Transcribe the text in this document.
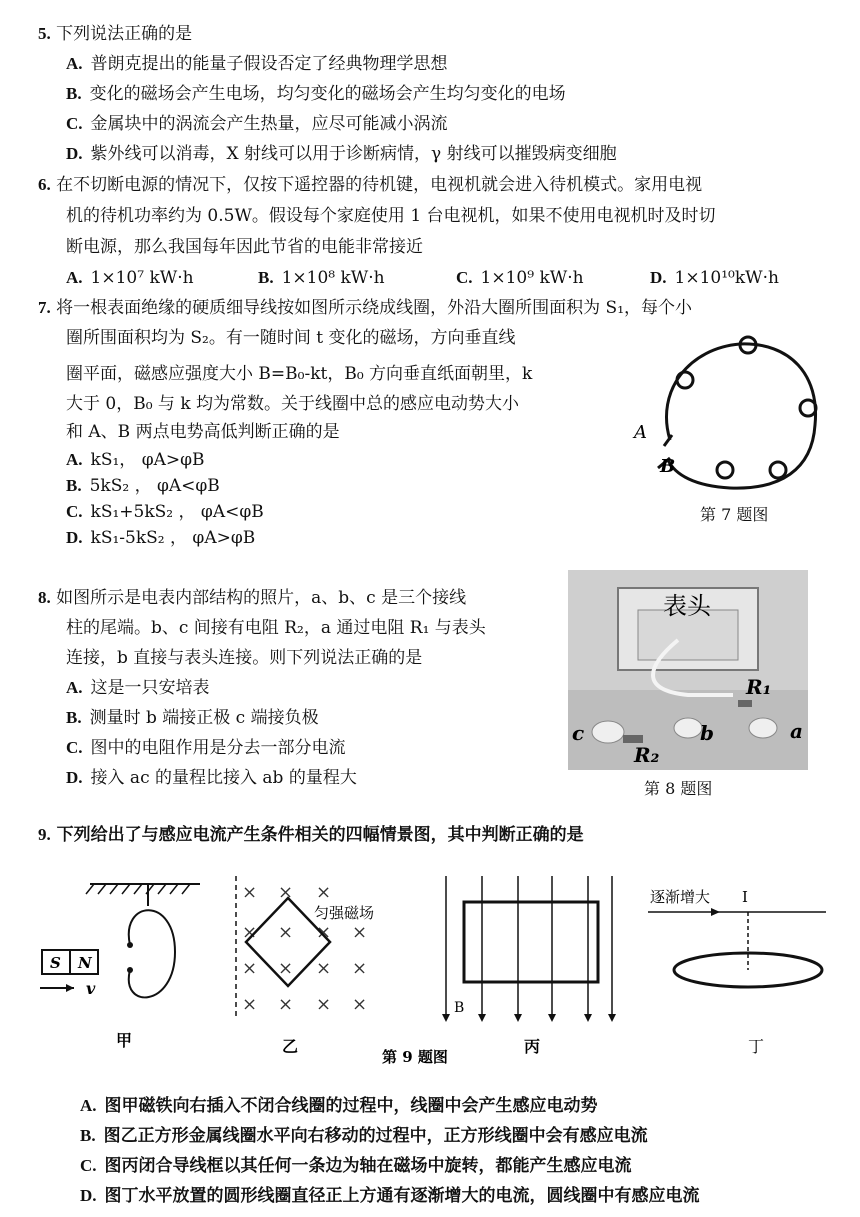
5. 下列说法正确的是
A. 普朗克提出的能量子假设否定了经典物理学思想
B. 变化的磁场会产生电场，均匀变化的磁场会产生均匀变化的电场
C. 金属块中的涡流会产生热量，应尽可能减小涡流
D. 紫外线可以消毒，X 射线可以用于诊断病情，γ 射线可以摧毁病变细胞
6. 在不切断电源的情况下，仅按下遥控器的待机键，电视机就会进入待机模式。家用电视
机的待机功率约为 0.5W。假设每个家庭使用 1 台电视机，如果不使用电视机时及时切
断电源，那么我国每年因此节省的电能非常接近
A. 1×10⁷ kW·h	B. 1×10⁸ kW·h	C. 1×10⁹ kW·h	D. 1×10¹⁰kW·h
7. 将一根表面绝缘的硬质细导线按如图所示绕成线圈，外沿大圈所围面积为 S₁，每个小
圈所围面积均为 S₂。有一随时间 t 变化的磁场，方向垂直线
圈平面，磁感应强度大小 B=B₀-kt，B₀ 方向垂直纸面朝里，k
大于 0，B₀ 与 k 均为常数。关于线圈中总的感应电动势大小
和 A、B 两点电势高低判断正确的是
A. kS₁， φA>φB
B. 5kS₂ ， φA<φB
C. kS₁+5kS₂ ， φA<φB
D. kS₁-5kS₂ ， φA>φB
A
B
第 7 题图
8. 如图所示是电表内部结构的照片，a、b、c 是三个接线
柱的尾端。b、c 间接有电阻 R₂，a 通过电阻 R₁ 与表头
连接，b 直接与表头连接。则下列说法正确的是
A. 这是一只安培表
B. 测量时 b 端接正极 c 端接负极
C. 图中的电阻作用是分去一部分电流
D. 接入 ac 的量程比接入 ab 的量程大
表头
R₁
R₂
a
b
c
第 8 题图
9. 下列给出了与感应电流产生条件相关的四幅情景图，其中判断正确的是
S N
v
甲
× × ×
× × × ×
× × × ×
× × × ×
匀强磁场
乙
B
丙
逐渐增大 I
丁
第 9 题图
A. 图甲磁铁向右插入不闭合线圈的过程中，线圈中会产生感应电动势
B. 图乙正方形金属线圈水平向右移动的过程中，正方形线圈中会有感应电流
C. 图丙闭合导线框以其任何一条边为轴在磁场中旋转，都能产生感应电流
D. 图丁水平放置的圆形线圈直径正上方通有逐渐增大的电流，圆线圈中有感应电流
